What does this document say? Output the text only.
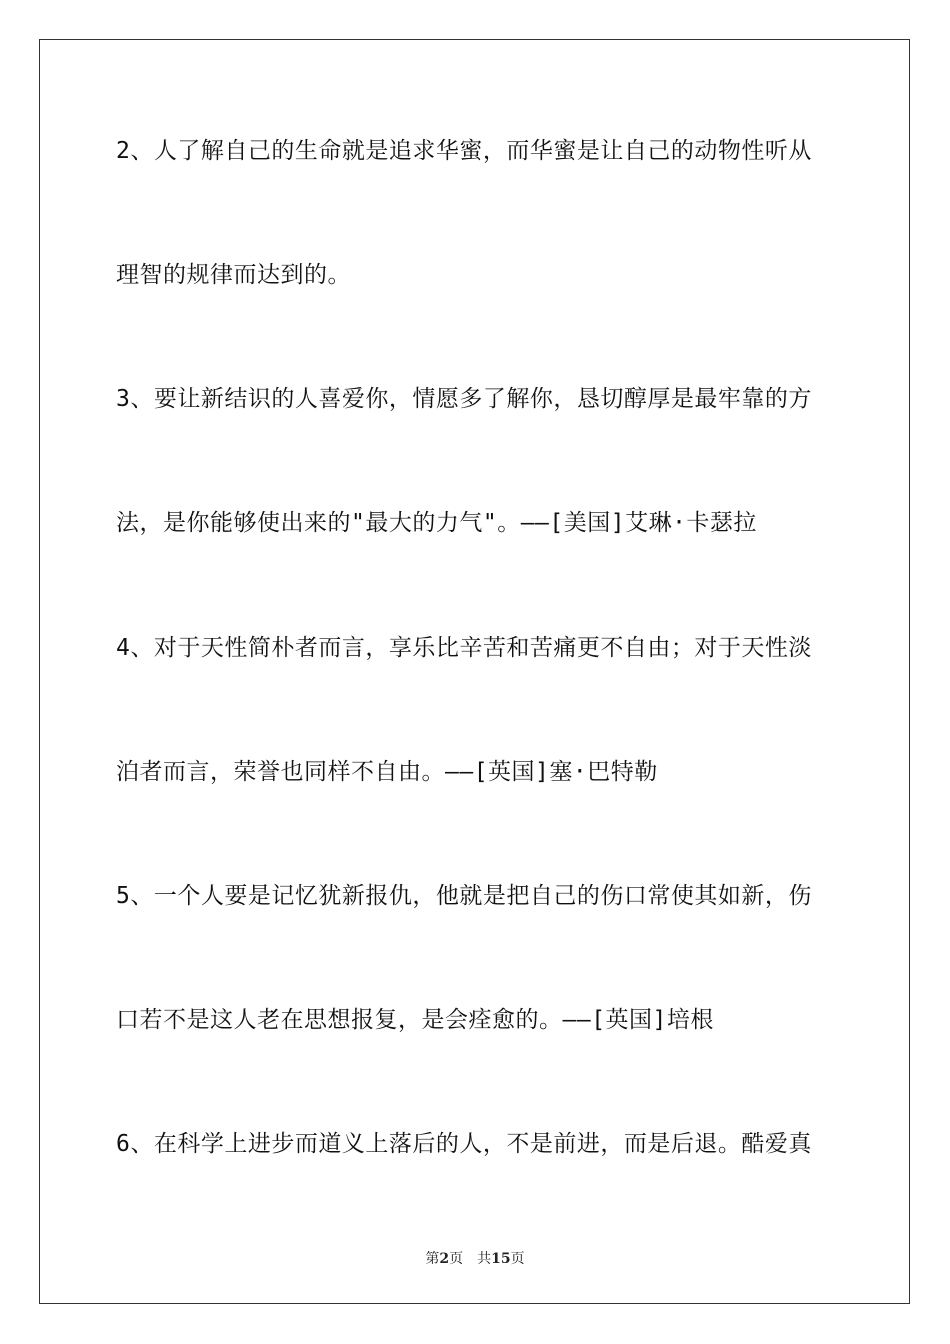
2、人了解自己的生命就是追求华蜜，而华蜜是让自己的动物性听从

理智的规律而达到的。

3、要让新结识的人喜爱你，情愿多了解你，恳切醇厚是最牢靠的方

法，是你能够使出来的"最大的力气"。——[美国]艾琳·卡瑟拉

4、对于天性简朴者而言，享乐比辛苦和苦痛更不自由；对于天性淡

泊者而言，荣誉也同样不自由。——[英国]塞·巴特勒

5、一个人要是记忆犹新报仇，他就是把自己的伤口常使其如新，伤

口若不是这人老在思想报复，是会痊愈的。——[英国]培根

6、在科学上进步而道义上落后的人，不是前进，而是后退。酷爱真

第2页 共15页
